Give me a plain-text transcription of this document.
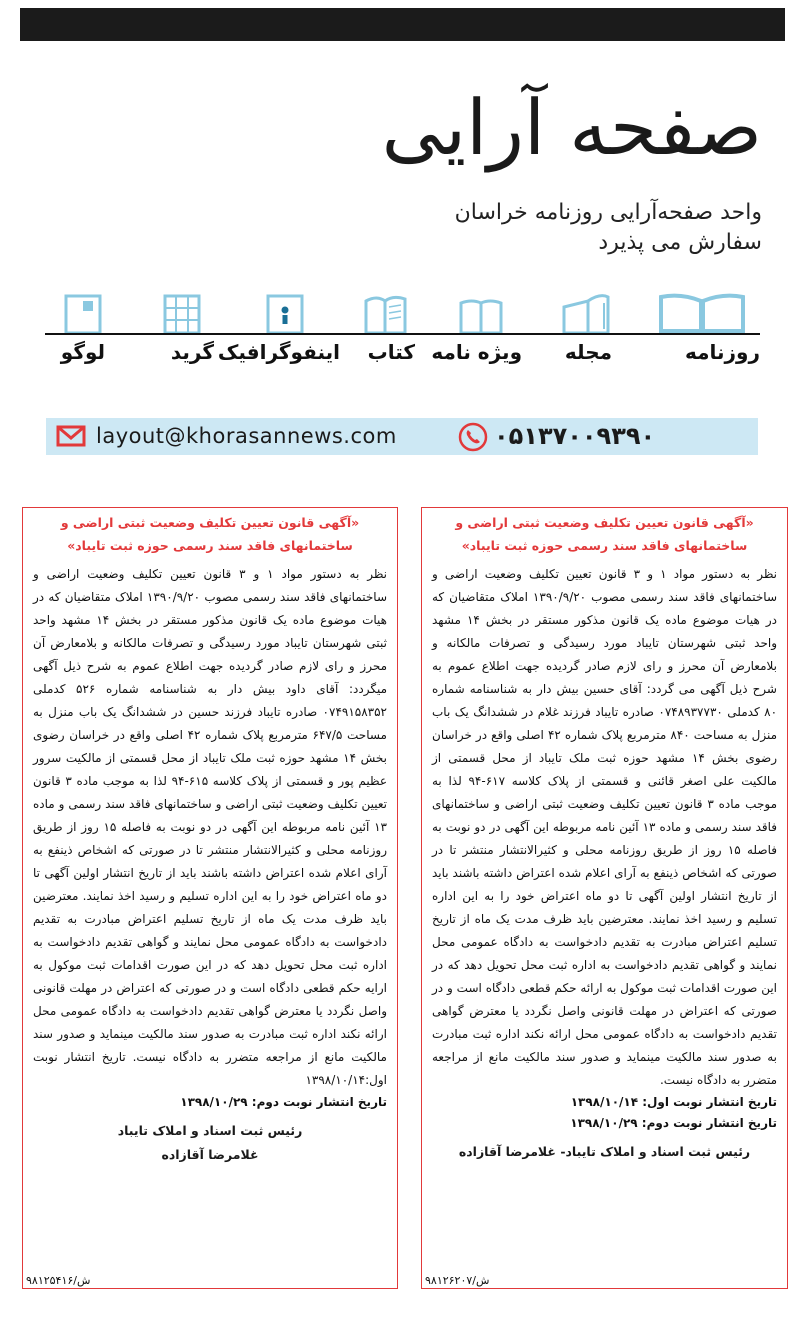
صفحه آرایی
واحد صفحه‌آرایی روزنامه خراسان
سفارش می پذیرد
روزنامه
مجله
ویژه نامه
کتاب
اینفوگرافیک
گرید
لوگو
layout@khorasannews.com	۰۵۱۳۷۰۰۹۳۹۰
«آگهی قانون تعیین تکلیف وضعیت ثبتی اراضی و ساختمانهای فاقد سند رسمی حوزه ثبت تایباد»
نظر به دستور مواد ۱ و ۳ قانون تعیین تکلیف وضعیت اراضی و ساختمانهای فاقد سند رسمی مصوب ۱۳۹۰/۹/۲۰ املاک متقاضیان که در هیات موضوع ماده یک قانون مذکور مستقر در بخش ۱۴ مشهد واحد ثبتی شهرستان تایباد مورد رسیدگی و تصرفات مالکانه و بلامعارض آن محرز و رای لازم صادر گردیده جهت اطلاع عموم به شرح ذیل آگهی میگردد: آقای داود بیش دار به شناسنامه شماره ۵۲۶ کدملی ۰۷۴۹۱۵۸۳۵۲ صادره تایباد فرزند حسین در ششدانگ یک باب منزل به مساحت ۶۴۷/۵ مترمربع پلاک شماره ۴۲ اصلی واقع در خراسان رضوی بخش ۱۴ مشهد حوزه ثبت ملک تایباد از محل قسمتی از مالکیت سرور عظیم پور و قسمتی از پلاک کلاسه ۶۱۵-۹۴ لذا به موجب ماده ۳ قانون تعیین تکلیف وضعیت ثبتی اراضی و ساختمانهای فاقد سند رسمی و ماده ۱۳ آئین نامه مربوطه این آگهی در دو نوبت به فاصله ۱۵ روز از طریق روزنامه محلی و کثیرالانتشار منتشر تا در صورتی که اشخاص ذینفع به آرای اعلام شده اعتراض داشته باشند باید از تاریخ انتشار اولین آگهی تا دو ماه اعتراض خود را به این اداره تسلیم و رسید اخذ نمایند. معترضین باید ظرف مدت یک ماه از تاریخ تسلیم اعتراض مبادرت به تقدیم دادخواست به دادگاه عمومی محل نمایند و گواهی تقدیم دادخواست به اداره ثبت محل تحویل دهد که در این صورت اقدامات ثبت موکول به ارایه حکم قطعی دادگاه است و در صورتی که اعتراض در مهلت قانونی واصل نگردد یا معترض گواهی تقدیم دادخواست به دادگاه عمومی محل ارائه نکند اداره ثبت مبادرت به صدور سند مالکیت مینماید و صدور سند مالکیت مانع از مراجعه متضرر به دادگاه نیست. تاریخ انتشار نوبت اول:۱۳۹۸/۱۰/۱۴
تاریخ انتشار نوبت دوم: ۱۳۹۸/۱۰/۲۹
رئیس ثبت اسناد و املاک تایباد
غلامرضا آقازاده
۹۸۱۲۵۴۱۶/ش
«آگهی قانون تعیین تکلیف وضعیت ثبتی اراضی و ساختمانهای فاقد سند رسمی حوزه ثبت تایباد»
نظر به دستور مواد ۱ و ۳ قانون تعیین تکلیف وضعیت اراضی و ساختمانهای فاقد سند رسمی مصوب ۱۳۹۰/۹/۲۰ املاک متقاضیان که در هیات موضوع ماده یک قانون مذکور مستقر در بخش ۱۴ مشهد واحد ثبتی شهرستان تایباد مورد رسیدگی و تصرفات مالکانه و بلامعارض آن محرز و رای لازم صادر گردیده جهت اطلاع عموم به شرح ذیل آگهی می گردد: آقای حسین بیش دار به شناسنامه شماره ۸۰ کدملی ۰۷۴۸۹۳۷۷۳۰ صادره تایباد فرزند غلام در ششدانگ یک باب منزل به مساحت ۸۴۰ مترمربع پلاک شماره ۴۲ اصلی واقع در خراسان رضوی بخش ۱۴ مشهد حوزه ثبت ملک تایباد از محل قسمتی از مالکیت علی اصغر قائنی و قسمتی از پلاک کلاسه ۶۱۷-۹۴ لذا به موجب ماده ۳ قانون تعیین تکلیف وضعیت ثبتی اراضی و ساختمانهای فاقد سند رسمی و ماده ۱۳ آئین نامه مربوطه این آگهی در دو نوبت به فاصله ۱۵ روز از طریق روزنامه محلی و کثیرالانتشار منتشر تا در صورتی که اشخاص ذینفع به آرای اعلام شده اعتراض داشته باشند باید از تاریخ انتشار اولین آگهی تا دو ماه اعتراض خود را به این اداره تسلیم و رسید اخذ نمایند. معترضین باید ظرف مدت یک ماه از تاریخ تسلیم اعتراض مبادرت به تقدیم دادخواست به دادگاه عمومی محل نمایند و گواهی تقدیم دادخواست به اداره ثبت محل تحویل دهد که در این صورت اقدامات ثبت موکول به ارائه حکم قطعی دادگاه است و در صورتی که اعتراض در مهلت قانونی واصل نگردد یا معترض گواهی تقدیم دادخواست به دادگاه عمومی محل ارائه نکند اداره ثبت مبادرت به صدور سند مالکیت مینماید و صدور سند مالکیت مانع از مراجعه متضرر به دادگاه نیست.
تاریخ انتشار نوبت اول: ۱۳۹۸/۱۰/۱۴
تاریخ انتشار نوبت دوم: ۱۳۹۸/۱۰/۲۹
رئیس ثبت اسناد و املاک تایباد- غلامرضا آقازاده
۹۸۱۲۶۲۰۷/ش
